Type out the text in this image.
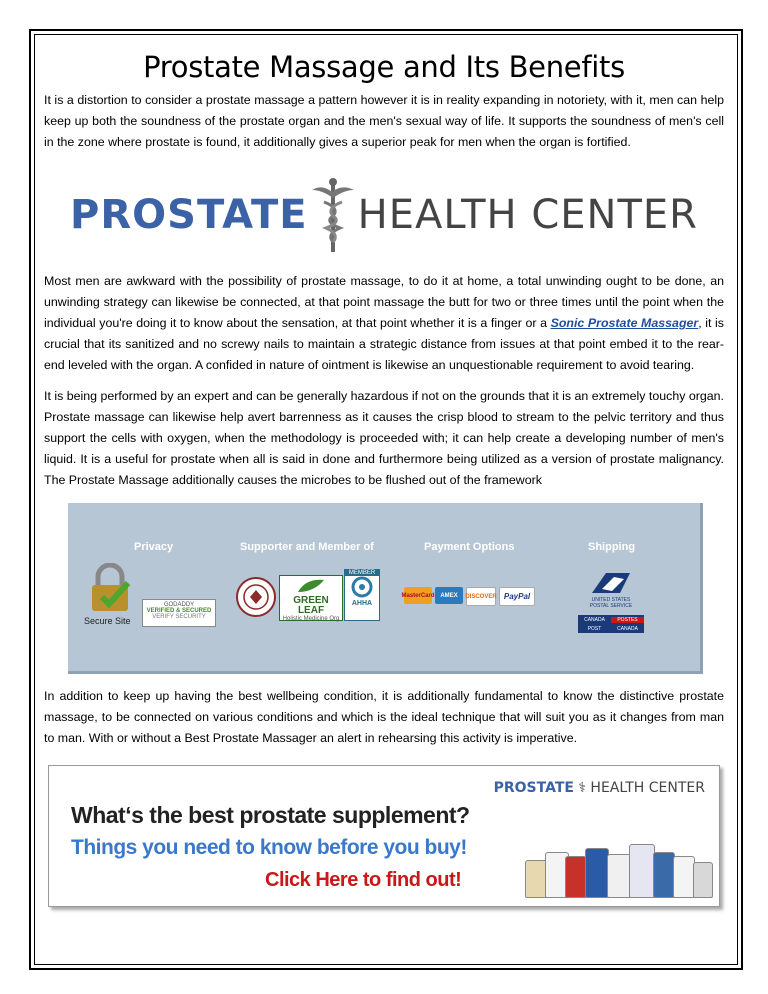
Prostate Massage and Its Benefits

It is a distortion to consider a prostate massage a pattern however it is in reality expanding in notoriety, with it, men can help keep up both the soundness of the prostate organ and the men's sexual way of life. It supports the soundness of men's cell in the zone where prostate is found, it additionally gives a superior peak for men when the organ is fortified.

PROSTATE HEALTH CENTER

Most men are awkward with the possibility of prostate massage, to do it at home, a total unwinding ought to be done, an unwinding strategy can likewise be connected, at that point massage the butt for two or three times until the point when the individual you're doing it to know about the sensation, at that point whether it is a finger or a Sonic Prostate Massager, it is crucial that its sanitized and no screwy nails to maintain a strategic distance from issues at that point embed it to the rear-end leveled with the organ. A confided in nature of ointment is likewise an unquestionable requirement to avoid tearing.

It is being performed by an expert and can be generally hazardous if not on the grounds that it is an extremely touchy organ. Prostate massage can likewise help avert barrenness as it causes the crisp blood to stream to the pelvic territory and thus support the cells with oxygen, when the methodology is proceeded with; it can help create a developing number of men's liquid. It is a useful for prostate when all is said in done and furthermore being utilized as a version of prostate malignancy. The Prostate Massage additionally causes the microbes to be flushed out of the framework

Privacy	Supporter and Member of	Payment Options	Shipping
Secure Site
GODADDY
VERIFIED & SECURED
VERIFY SECURITY
GREEN LEAF
Holistic Medicine Org
MEMBER
AHHA
MasterCard AMEX	DISCOVER PayPal	UNITED STATES
POSTAL SERVICE
CANADA	POSTES
POST	CANADA

In addition to keep up having the best wellbeing condition, it is additionally fundamental to know the distinctive prostate massage, to be connected on various conditions and which is the ideal technique that will suit you as it changes from man to man. With or without a Best Prostate Massager an alert in rehearsing this activity is imperative.

PROSTATE ⚕ HEALTH CENTER
What‘s the best prostate supplement?
Things you need to know before you buy!
Click Here to find out!
